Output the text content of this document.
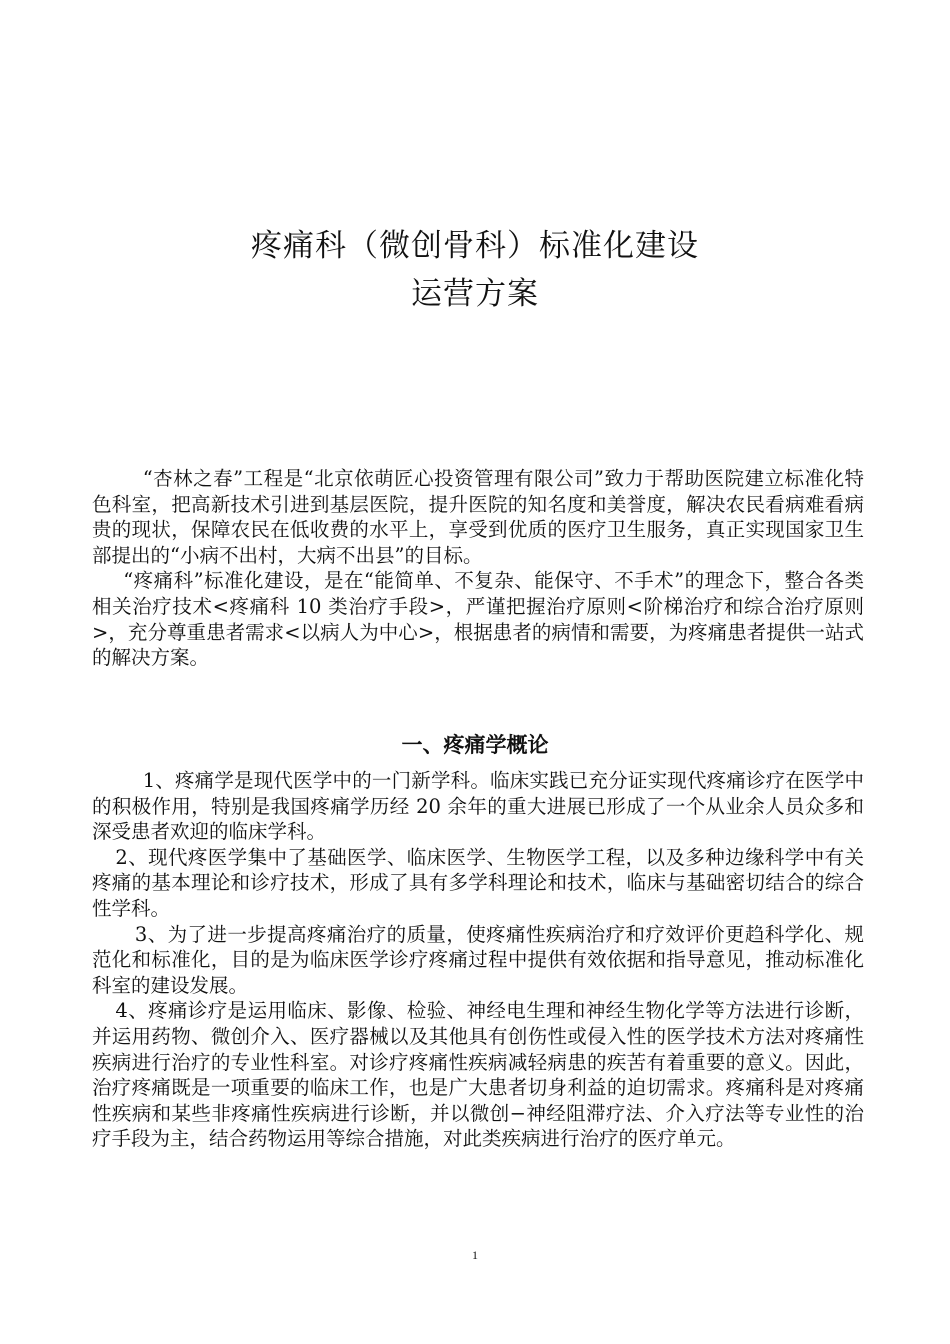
疼痛科（微创骨科）标准化建设
运营方案

“杏林之春”工程是“北京依萌匠心投资管理有限公司”致力于帮助医院建立标准化特色科室，把高新技术引进到基层医院，提升医院的知名度和美誉度，解决农民看病难看病贵的现状，保障农民在低收费的水平上，享受到优质的医疗卫生服务，真正实现国家卫生部提出的“小病不出村，大病不出县”的目标。

“疼痛科”标准化建设，是在“能简单、不复杂、能保守、不手术”的理念下，整合各类相关治疗技术<疼痛科 10 类治疗手段>，严谨把握治疗原则<阶梯治疗和综合治疗原则>，充分尊重患者需求<以病人为中心>，根据患者的病情和需要，为疼痛患者提供一站式的解决方案。

一、疼痛学概论

1、疼痛学是现代医学中的一门新学科。临床实践已充分证实现代疼痛诊疗在医学中的积极作用，特别是我国疼痛学历经 20 余年的重大进展已形成了一个从业余人员众多和深受患者欢迎的临床学科。

2、现代疼医学集中了基础医学、临床医学、生物医学工程，以及多种边缘科学中有关疼痛的基本理论和诊疗技术，形成了具有多学科理论和技术，临床与基础密切结合的综合性学科。

3、为了进一步提高疼痛治疗的质量，使疼痛性疾病治疗和疗效评价更趋科学化、规范化和标准化，目的是为临床医学诊疗疼痛过程中提供有效依据和指导意见，推动标准化科室的建设发展。

4、疼痛诊疗是运用临床、影像、检验、神经电生理和神经生物化学等方法进行诊断，并运用药物、微创介入、医疗器械以及其他具有创伤性或侵入性的医学技术方法对疼痛性疾病进行治疗的专业性科室。对诊疗疼痛性疾病减轻病患的疾苦有着重要的意义。因此，治疗疼痛既是一项重要的临床工作，也是广大患者切身利益的迫切需求。疼痛科是对疼痛性疾病和某些非疼痛性疾病进行诊断，并以微创−神经阻滞疗法、介入疗法等专业性的治疗手段为主，结合药物运用等综合措施，对此类疾病进行治疗的医疗单元。

1
